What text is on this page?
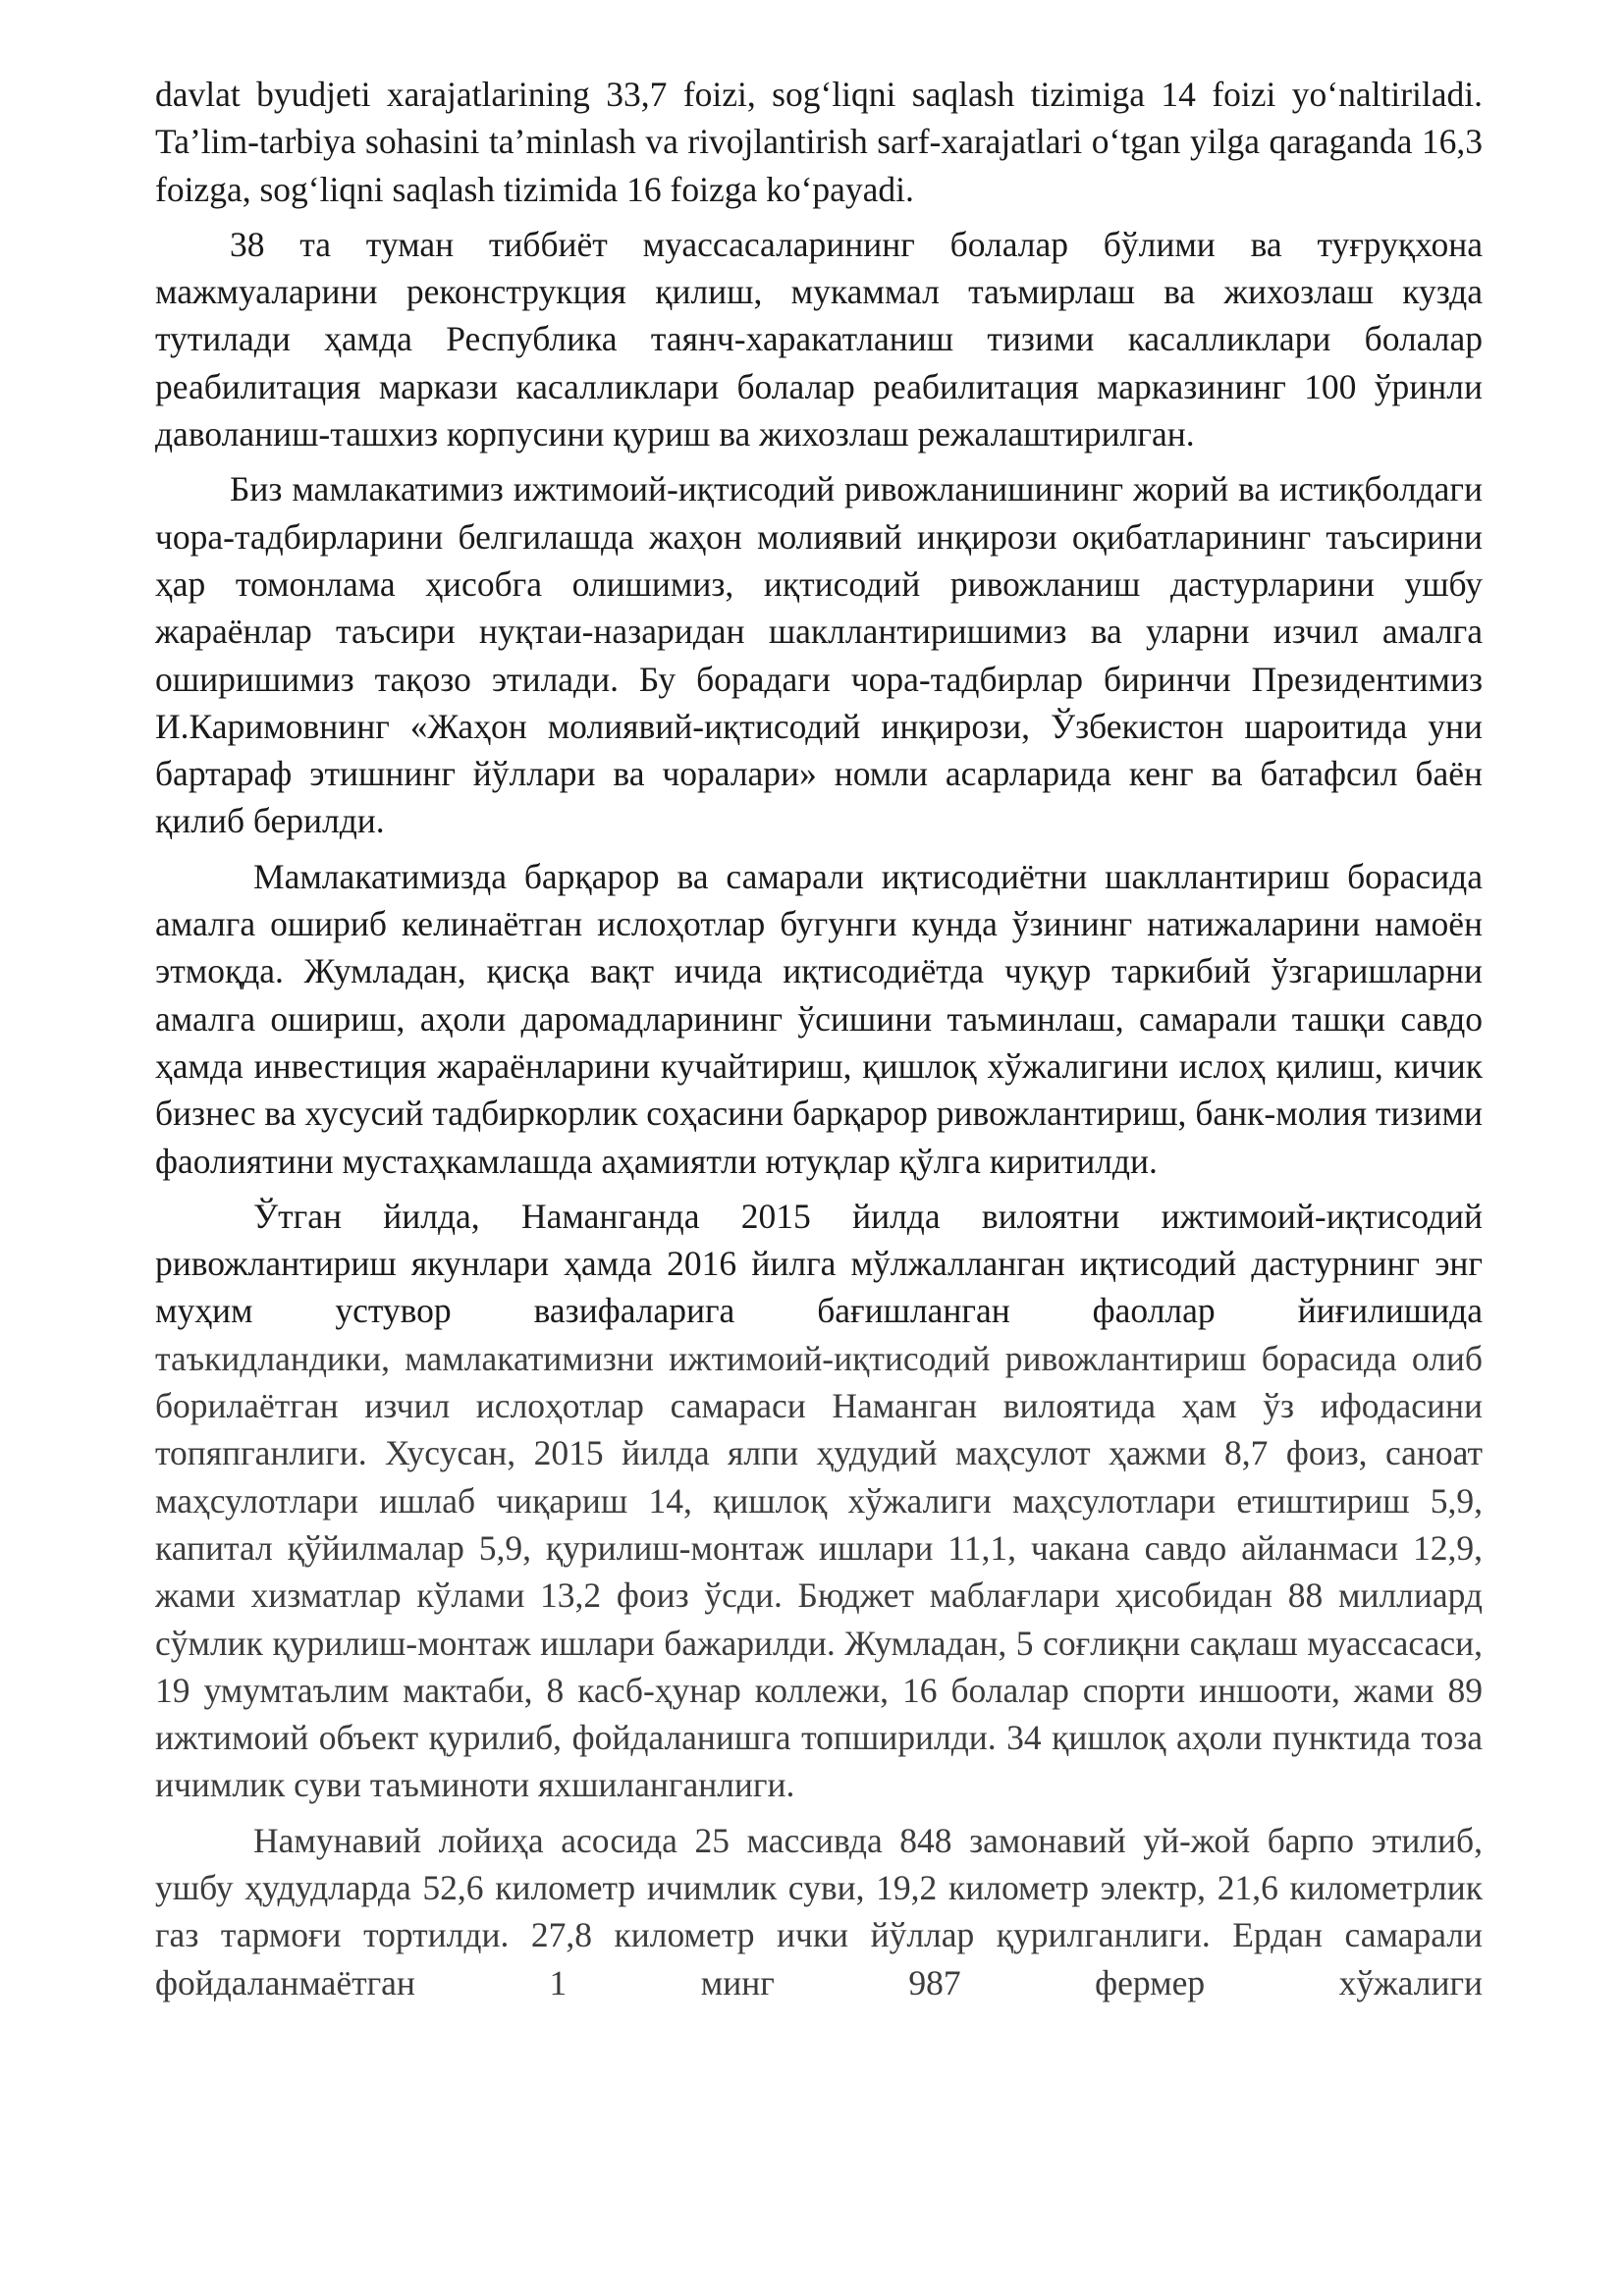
davlat byudjeti xarajatlarining 33,7 foizi, sog‘liqni saqlash tizimiga 14 foizi yo‘naltiriladi. Ta’lim-tarbiya sohasini ta’minlash va rivojlantirish sarf-xarajatlari o‘tgan yilga qaraganda 16,3 foizga, sog‘liqni saqlash tizimida 16 foizga ko‘payadi.

38 та туман тиббиёт муассасаларининг болалар бўлими ва туғруқхона мажмуаларини реконструкция қилиш, мукаммал таъмирлаш ва жихозлаш кузда тутилади ҳамда Республика таянч-харакатланиш тизими касалликлари болалар реабилитация маркази касалликлари болалар реабилитация марказининг 100 ўринли даволаниш-ташхиз корпусини қуриш ва жихозлаш режалаштирилган.

Биз мамлакатимиз ижтимоий-иқтисодий ривожланишининг жорий ва истиқболдаги чора-тадбирларини белгилашда жаҳон молиявий инқирози оқибатларининг таъсирини ҳар томонлама ҳисобга олишимиз, иқтисодий ривожланиш дастурларини ушбу жараёнлар таъсири нуқтаи-назаридан шакллантиришимиз ва уларни изчил амалга оширишимиз тақозо этилади. Бу борадаги чора-тадбирлар биринчи Президентимиз И.Каримовнинг «Жаҳон молиявий-иқтисодий инқирози, Ўзбекистон шароитида уни бартараф этишнинг йўллари ва чоралари» номли асарларида кенг ва батафсил баён қилиб берилди.

Мамлакатимизда барқарор ва самарали иқтисодиётни шакллантириш борасида амалга ошириб келинаётган ислоҳотлар бугунги кунда ўзининг натижаларини намоён этмоқда. Жумладан, қисқа вақт ичида иқтисодиётда чуқур таркибий ўзгаришларни амалга ошириш, аҳоли даромадларининг ўсишини таъминлаш, самарали ташқи савдо ҳамда инвестиция жараёнларини кучайтириш, қишлоқ хўжалигини ислоҳ қилиш, кичик бизнес ва хусусий тадбиркорлик соҳасини барқарор ривожлантириш, банк-молия тизими фаолиятини мустаҳкамлашда аҳамиятли ютуқлар қўлга киритилди.

Ўтган йилда, Наманганда 2015 йилда вилоятни ижтимоий-иқтисодий ривожлантириш якунлари ҳамда 2016 йилга мўлжалланган иқтисодий дастурнинг энг муҳим устувор вазифаларига бағишланган фаоллар йиғилишида

таъкидландики, мамлакатимизни ижтимоий-иқтисодий ривожлантириш борасида олиб борилаётган изчил ислоҳотлар самараси Наманган вилоятида ҳам ўз ифодасини топяпганлиги. Хусусан, 2015 йилда ялпи ҳудудий маҳсулот ҳажми 8,7 фоиз, саноат маҳсулотлари ишлаб чиқариш 14, қишлоқ хўжалиги маҳсулотлари етиштириш 5,9, капитал қўйилмалар 5,9, қурилиш-монтаж ишлари 11,1, чакана савдо айланмаси 12,9, жами хизматлар кўлами 13,2 фоиз ўсди. Бюджет маблағлари ҳисобидан 88 миллиард сўмлик қурилиш-монтаж ишлари бажарилди. Жумладан, 5 соғлиқни сақлаш муассасаси, 19 умумтаълим мактаби, 8 касб-ҳунар коллежи, 16 болалар спорти иншооти, жами 89 ижтимоий объект қурилиб, фойдаланишга топширилди. 34 қишлоқ аҳоли пунктида тоза ичимлик суви таъминоти яхшиланганлиги.

Намунавий лойиҳа асосида 25 массивда 848 замонавий уй-жой барпо этилиб, ушбу ҳудудларда 52,6 километр ичимлик суви, 19,2 километр электр, 21,6 километрлик газ тармоғи тортилди. 27,8 километр ички йўллар қурилганлиги. Ердан самарали фойдаланмаётган 1 минг 987 фермер хўжалиги
